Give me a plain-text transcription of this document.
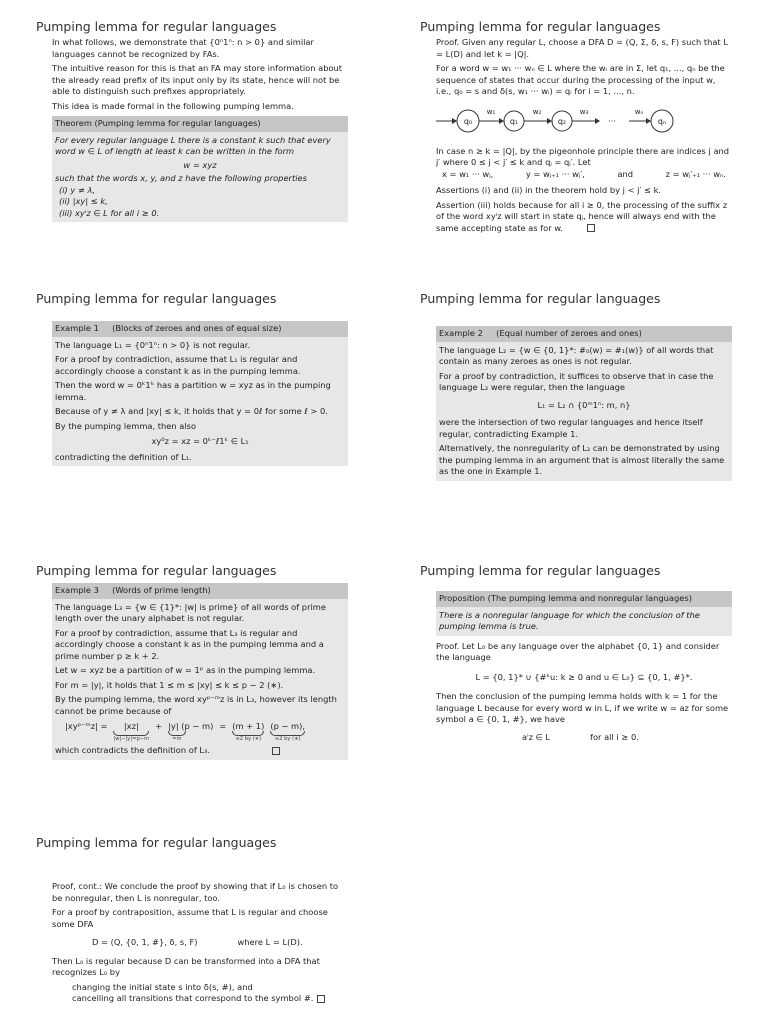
Pumping lemma for regular languages

In what follows, we demonstrate that {0ⁿ1ⁿ: n > 0} and similar languages cannot be recognized by FAs.

The intuitive reason for this is that an FA may store information about the already read prefix of its input only by its state, hence will not be able to distinguish such prefixes appropriately.

This idea is made formal in the following pumping lemma.

Theorem (Pumping lemma for regular languages)
For every regular language L there is a constant k such that every word w ∈ L of length at least k can be written in the form
w = xyz
such that the words x, y, and z have the following properties
(i) y ≠ λ,
(ii) |xy| ≤ k,
(iii) xyⁱz ∈ L for all i ≥ 0.
Pumping lemma for regular languages

Proof. Given any regular L, choose a DFA D = (Q, Σ, δ, s, F) such that L = L(D) and let k = |Q|.

For a word w = w₁ ··· wₙ ∈ L where the wᵢ are in Σ, let q₁, ..., qₙ be the sequence of states that occur during the processing of the input w, i.e., q₀ = s and δ(s, w₁ ··· wᵢ) = qᵢ for i = 1, ..., n.

q₀
w₁
q₁
w₂
q₂
w₃
···
wₙ
qₙ

In case n ≥ k = |Q|, by the pigeonhole principle there are indices j and j′ where 0 ≤ j < j′ ≤ k and qⱼ = qⱼ′. Let

x = w₁ ··· wⱼ,	y = wⱼ₊₁ ··· wⱼ′,	and	z = wⱼ′₊₁ ··· wₙ.

Assertions (i) and (ii) in the theorem hold by j < j′ ≤ k.

Assertion (iii) holds because for all i ≥ 0, the processing of the suffix z of the word xyⁱz will start in state qⱼ, hence will always end with the same accepting state as for w.

Pumping lemma for regular languages
Example 1     (Blocks of zeroes and ones of equal size)

The language L₁ = {0ⁿ1ⁿ: n > 0} is not regular.

For a proof by contradiction, assume that L₁ is regular and accordingly choose a constant k as in the pumping lemma.

Then the word w = 0ᵏ1ᵏ has a partition w = xyz as in the pumping lemma.

Because of y ≠ λ and |xy| ≤ k, it holds that y = 0ℓ for some ℓ > 0.

By the pumping lemma, then also

xy⁰z = xz = 0ᵏ⁻ℓ1ᵏ ∈ L₁

contradicting the definition of L₁.

Pumping lemma for regular languages
Example 2     (Equal number of zeroes and ones)

The language L₂ = {w ∈ {0, 1}*: #₀(w) = #₁(w)} of all words that contain as many zeroes as ones is not regular.

For a proof by contradiction, it suffices to observe that in case the language L₂ were regular, then the language

L₁ = L₂ ∩ {0ᵐ1ⁿ: m, n}

were the intersection of two regular languages and hence itself regular, contradicting Example 1.

Alternatively, the nonregularity of L₂ can be demonstrated by using the pumping lemma in an argument that is almost literally the same as the one in Example 1.

Pumping lemma for regular languages
Example 3     (Words of prime length)

The language L₃ = {w ∈ {1}*: |w| is prime} of all words of prime length over the unary alphabet is not regular.

For a proof by contradiction, assume that L₃ is regular and accordingly choose a constant k as in the pumping lemma and a prime number p ≥ k + 2.

Let w = xyz be a partition of w = 1ᵖ as in the pumping lemma.

For m = |y|, it holds that 1 ≤ m ≤ |xy| ≤ k ≤ p − 2 (∗).

By the pumping lemma, the word xyᵖ⁻ᵐz is in L₃, however its length cannot be prime because of

|xyᵖ⁻ᵐz| = |xz|
|w|−|y|=p−m
+ |y| (p − m)
=m
= (m + 1)
≥2 by (∗)
(p − m),
≥2 by (∗)

which contradicts the definition of L₃.

Pumping lemma for regular languages
Proposition (The pumping lemma and nonregular languages)
There is a nonregular language for which the conclusion of the pumping lemma is true.

Proof. Let L₀ be any language over the alphabet {0, 1} and consider the language

L = {0, 1}* ∪ {#ᵏu: k ≥ 0 and u ∈ L₀} ⊆ {0, 1, #}*.

Then the conclusion of the pumping lemma holds with k = 1 for the language L because for every word w in L, if we write w = az for some symbol a ∈ {0, 1, #}, we have

aⁱz ∈ L	for all i ≥ 0.
Pumping lemma for regular languages

Proof, cont.: We conclude the proof by showing that if L₀ is chosen to be nonregular, then L is nonregular, too.

For a proof by contraposition, assume that L is regular and choose some DFA

D = (Q, {0, 1, #}, δ, s, F)	where L = L(D).

Then L₀ is regular because D can be transformed into a DFA that recognizes L₀ by

changing the initial state s into δ(s, #), and
cancelling all transitions that correspond to the symbol #.
